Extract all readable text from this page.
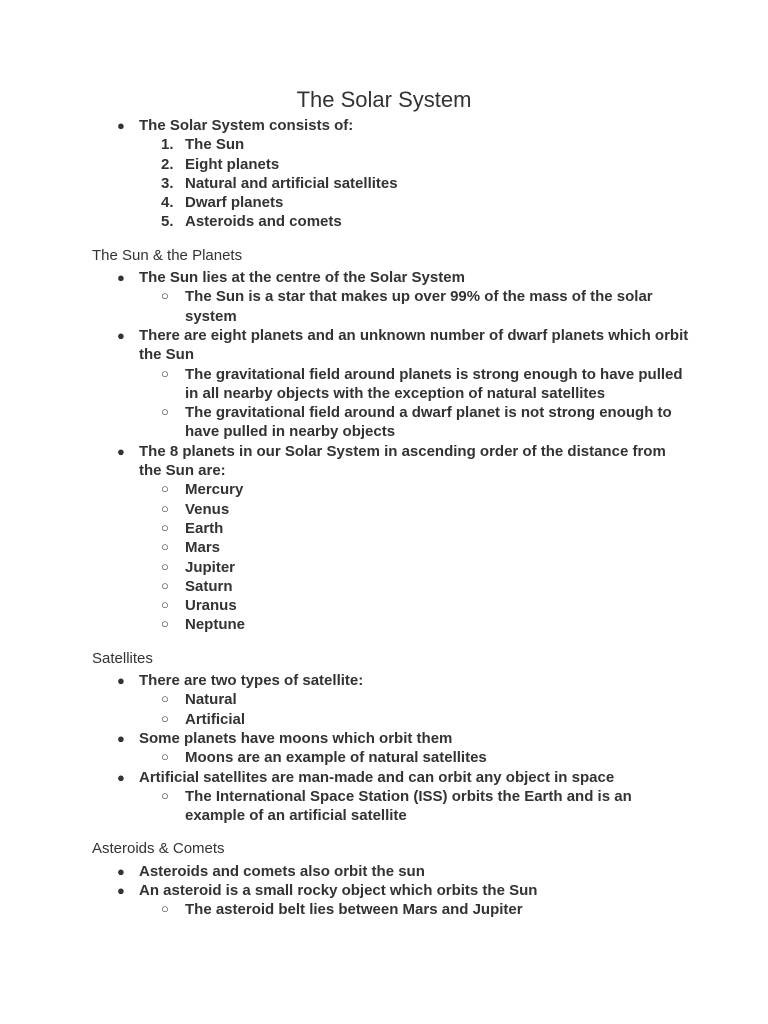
The Solar System
● The Solar System consists of:
1. The Sun
2. Eight planets
3. Natural and artificial satellites
4. Dwarf planets
5. Asteroids and comets
The Sun & the Planets
● The Sun lies at the centre of the Solar System
○ The Sun is a star that makes up over 99% of the mass of the solar system
● There are eight planets and an unknown number of dwarf planets which orbit the Sun
○ The gravitational field around planets is strong enough to have pulled in all nearby objects with the exception of natural satellites
○ The gravitational field around a dwarf planet is not strong enough to have pulled in nearby objects
● The 8 planets in our Solar System in ascending order of the distance from the Sun are:
○ Mercury
○ Venus
○ Earth
○ Mars
○ Jupiter
○ Saturn
○ Uranus
○ Neptune
Satellites
● There are two types of satellite:
○ Natural
○ Artificial
● Some planets have moons which orbit them
○ Moons are an example of natural satellites
● Artificial satellites are man-made and can orbit any object in space
○ The International Space Station (ISS) orbits the Earth and is an example of an artificial satellite
Asteroids & Comets
● Asteroids and comets also orbit the sun
● An asteroid is a small rocky object which orbits the Sun
○ The asteroid belt lies between Mars and Jupiter
